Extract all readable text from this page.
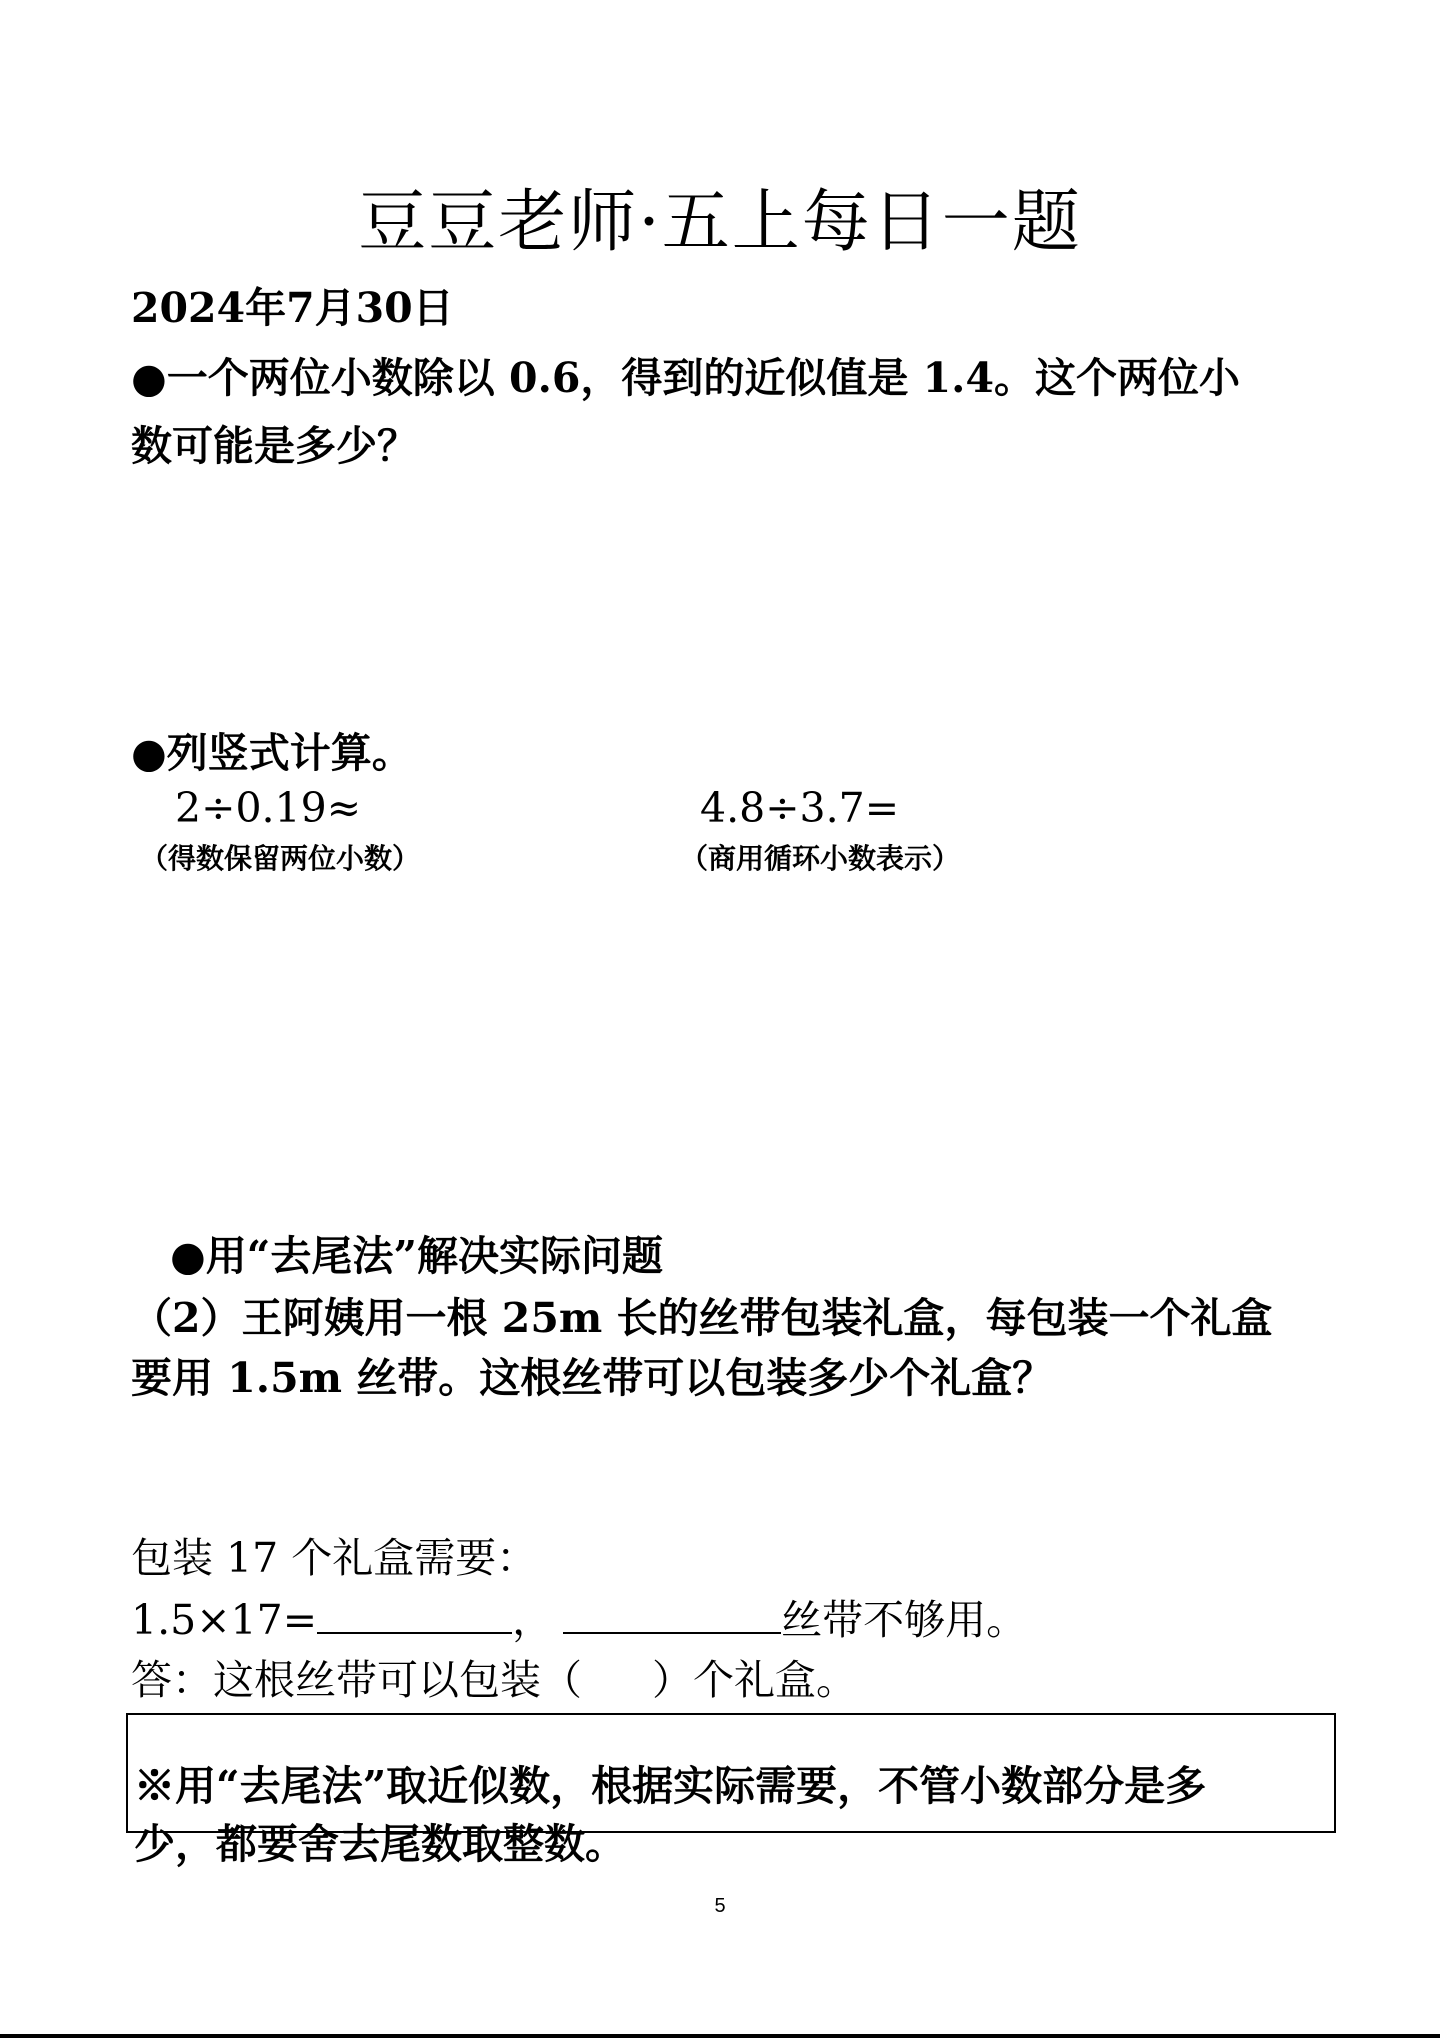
豆豆老师·五上每日一题

2024年7月30日

●一个两位小数除以 0.6，得到的近似值是 1.4。这个两位小

数可能是多少？

●列竖式计算。

2÷0.19≈

（得数保留两位小数）

4.8÷3.7=

（商用循环小数表示）

●用“去尾法”解决实际问题

（2）王阿姨用一根 25m 长的丝带包装礼盒，每包装一个礼盒

要用 1.5m 丝带。这根丝带可以包装多少个礼盒？

包装 17 个礼盒需要：

1.5×17=	，	丝带不够用。
答：这根丝带可以包装（ ）个礼盒。

※用“去尾法”取近似数，根据实际需要，不管小数部分是多

少，都要舍去尾数取整数。

5
